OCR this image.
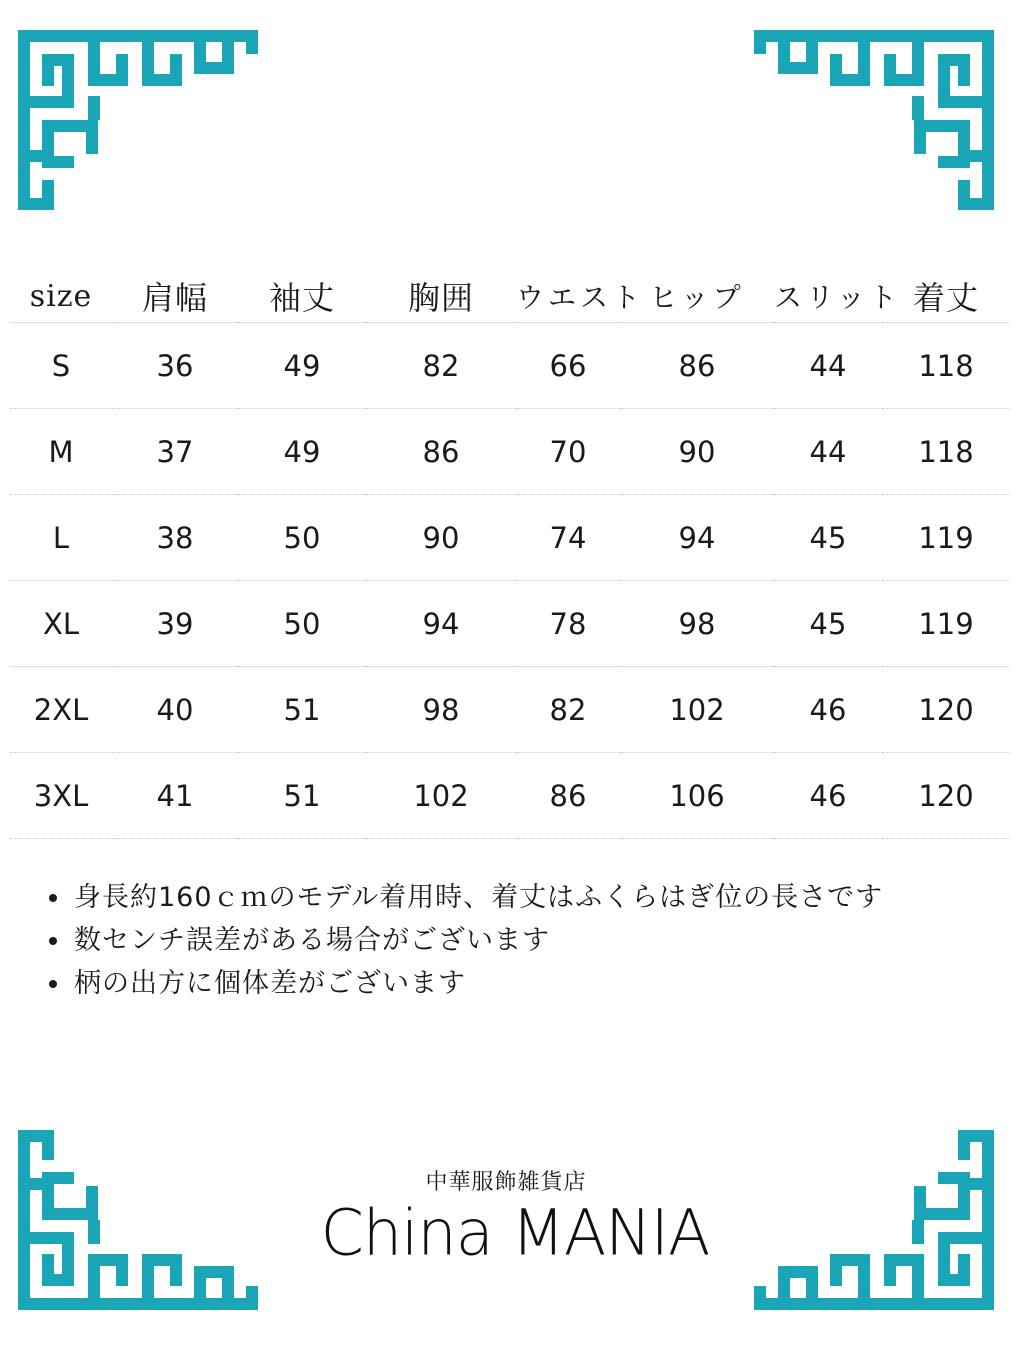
size	肩幅	袖丈	胸囲	ウエスト	ヒップ	スリット	着丈
S	36	49	82	66	86	44	118
M	37	49	86	70	90	44	118
L	38	50	90	74	94	45	119
XL	39	50	94	78	98	45	119
2XL	40	51	98	82	102	46	120
3XL	41	51	102	86	106	46	120
• 身長約160ｃｍのモデル着用時、着丈はふくらはぎ位の長さです
• 数センチ誤差がある場合がございます
• 柄の出方に個体差がございます
中華服飾雑貨店
China MANIA
